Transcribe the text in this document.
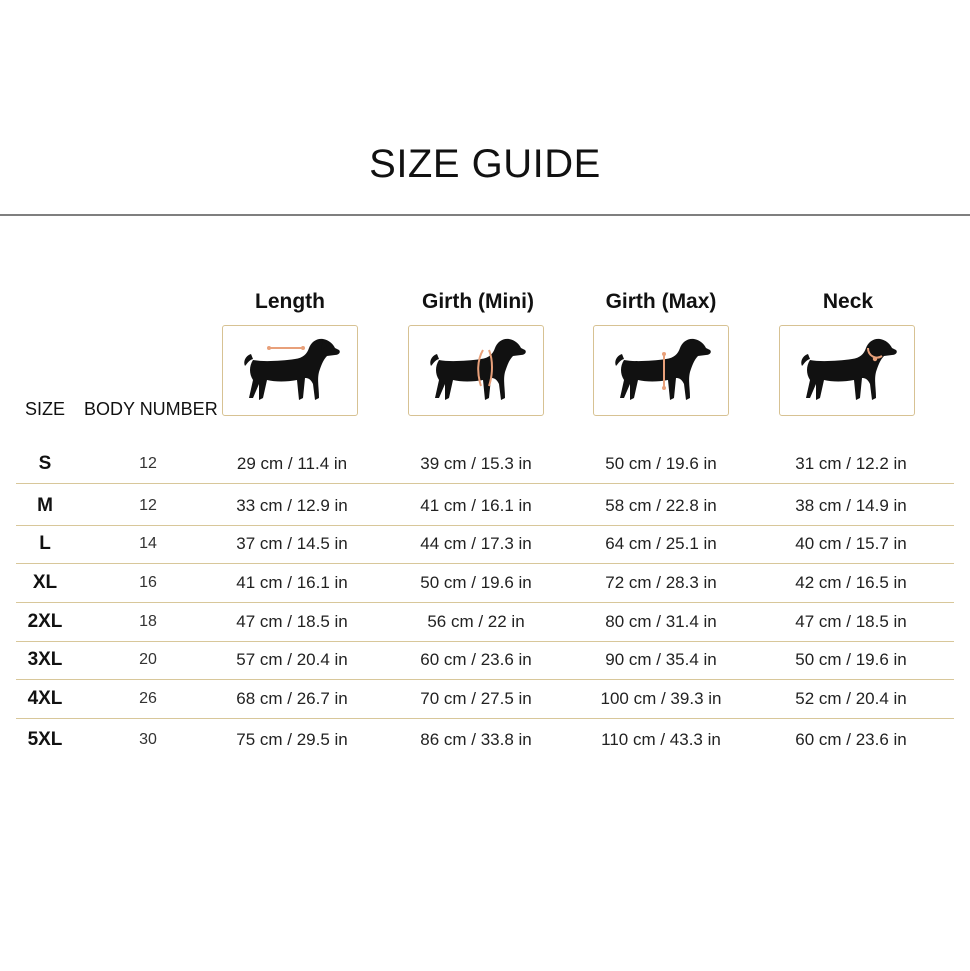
SIZE GUIDE
Length	Girth (Mini)	Girth (Max)	Neck
SIZE BODY NUMBER
S	12	29 cm / 11.4 in	39 cm / 15.3 in	50 cm / 19.6 in	31 cm / 12.2 in
M	12	33 cm / 12.9 in	41 cm / 16.1 in	58 cm / 22.8 in	38 cm / 14.9 in
L	14	37 cm / 14.5 in	44 cm / 17.3 in	64 cm / 25.1 in	40 cm / 15.7 in
XL	16	41 cm / 16.1 in	50 cm / 19.6 in	72 cm / 28.3 in	42 cm / 16.5 in
2XL	18	47 cm / 18.5 in	56 cm / 22 in	80 cm / 31.4 in	47 cm / 18.5 in
3XL	20	57 cm / 20.4 in	60 cm / 23.6 in	90 cm / 35.4 in	50 cm / 19.6 in
4XL	26	68 cm / 26.7 in	70 cm / 27.5 in	100 cm / 39.3 in	52 cm / 20.4 in
5XL	30	75 cm / 29.5 in	86 cm / 33.8 in	110 cm / 43.3 in	60 cm / 23.6 in
